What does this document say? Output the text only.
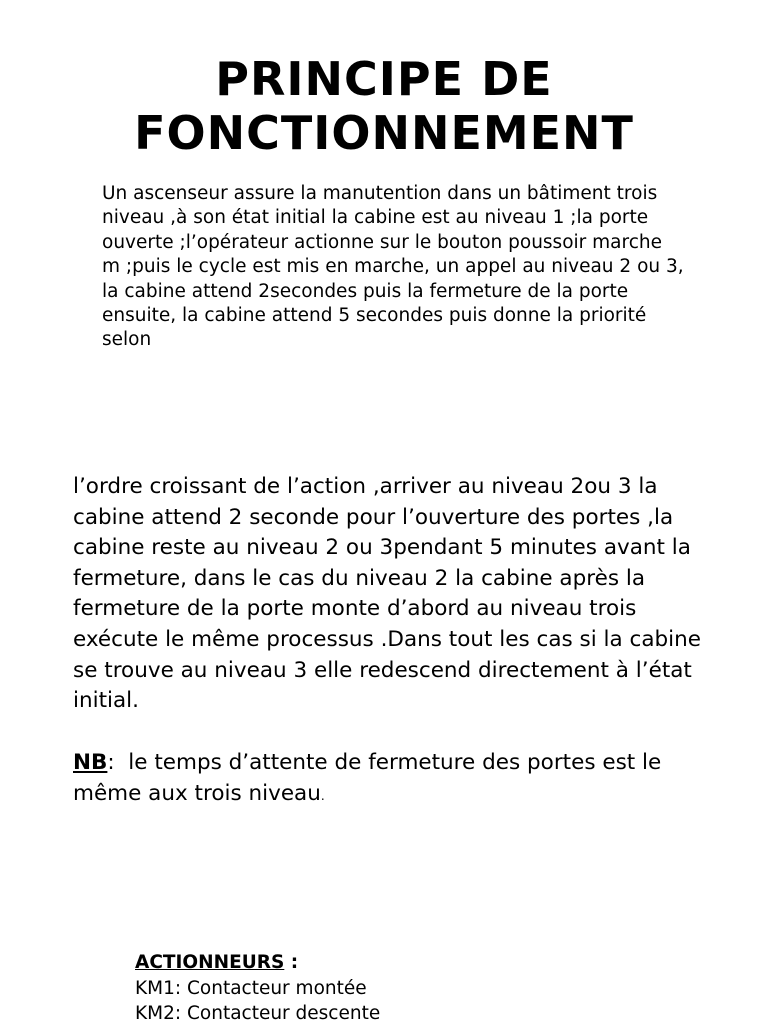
PRINCIPE DE
FONCTIONNEMENT
Un ascenseur assure la manutention dans un bâtiment trois
niveau ,à son état initial la cabine est au niveau 1 ;la porte
ouverte ;l’opérateur actionne sur le bouton poussoir marche
m ;puis le cycle est mis en marche, un appel au niveau 2 ou 3,
la cabine attend 2secondes puis la fermeture de la porte
ensuite, la cabine attend 5 secondes puis donne la priorité
selon
l’ordre croissant de l’action ,arriver au niveau 2ou 3 la
cabine attend 2 seconde pour l’ouverture des portes ,la
cabine reste au niveau 2 ou 3pendant 5 minutes avant la
fermeture, dans le cas du niveau 2 la cabine après la
fermeture de la porte monte d’abord au niveau trois
exécute le même processus .Dans tout les cas si la cabine
se trouve au niveau 3 elle redescend directement à l’état
initial.
NB:  le temps d’attente de fermeture des portes est le
même aux trois niveau.
ACTIONNEURS :
KM1: Contacteur montée
KM2: Contacteur descente
